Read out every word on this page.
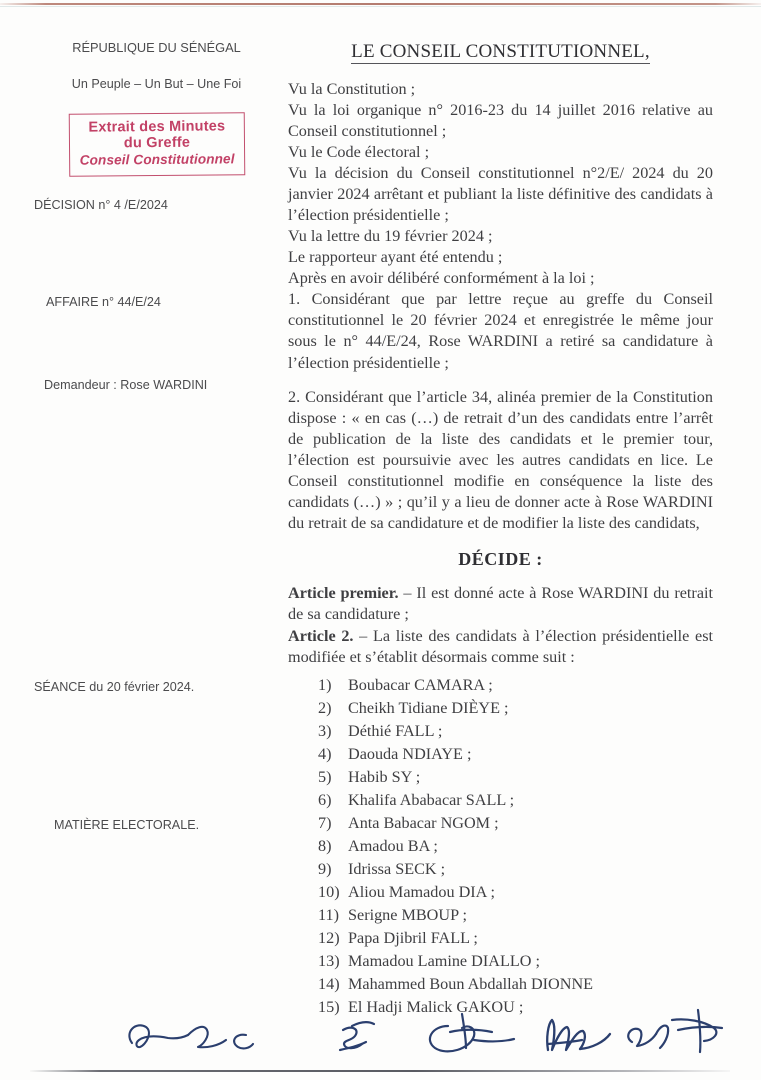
RÉPUBLIQUE DU SÉNÉGAL
Un Peuple – Un But – Une Foi
Extrait des Minutes
du Greffe
Conseil Constitutionnel
DÉCISION n° 4 /E/2024
AFFAIRE n° 44/E/24
Demandeur : Rose WARDINI
SÉANCE du 20 février 2024.
MATIÈRE ELECTORALE.
LE CONSEIL CONSTITUTIONNEL,
Vu la Constitution ;
Vu la loi organique n° 2016-23 du 14 juillet 2016 relative au Conseil constitutionnel ;
Vu le Code électoral ;
Vu la décision du Conseil constitutionnel n°2/E/ 2024 du 20 janvier 2024 arrêtant et publiant la liste définitive des candidats à l’élection présidentielle ;
Vu la lettre du 19 février 2024 ;
Le rapporteur ayant été entendu ;
Après en avoir délibéré conformément à la loi ;
1. Considérant que par lettre reçue au greffe du Conseil constitutionnel le 20 février 2024 et enregistrée le même jour sous le n° 44/E/24, Rose WARDINI a retiré sa candidature à l’élection présidentielle ;
2. Considérant que l’article 34, alinéa premier de la Constitution dispose : « en cas (…) de retrait d’un des candidats entre l’arrêt de publication de la liste des candidats et le premier tour, l’élection est poursuivie avec les autres candidats en lice. Le Conseil constitutionnel modifie en conséquence la liste des candidats (…) » ; qu’il y a lieu de donner acte à Rose WARDINI du retrait de sa candidature et de modifier la liste des candidats,
DÉCIDE :
Article premier. – Il est donné acte à Rose WARDINI du retrait de sa candidature ;
Article 2. – La liste des candidats à l’élection présidentielle est modifiée et s’établit désormais comme suit :
1)	Boubacar CAMARA ;
2)	Cheikh Tidiane DIÈYE ;
3)	Déthié FALL ;
4)	Daouda NDIAYE ;
5)	Habib SY ;
6)	Khalifa Ababacar SALL ;
7)	Anta Babacar NGOM ;
8)	Amadou BA ;
9)	Idrissa SECK ;
10) Aliou Mamadou DIA ;
11) Serigne MBOUP ;
12) Papa Djibril FALL ;
13) Mamadou Lamine DIALLO ;
14) Mahammed Boun Abdallah DIONNE
15) El Hadji Malick GAKOU ;
